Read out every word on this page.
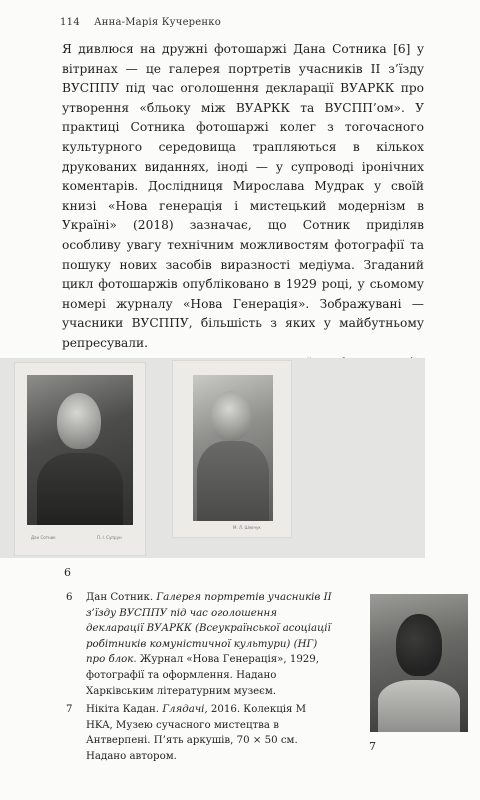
114 Анна-Марія Кучеренко

Я дивлюся на дружні фотошаржі Дана Сотника [6] у вітринах — це галерея портретів учасників ІІ з’їзду ВУСППУ під час оголошення декларації ВУАРКК про утворення «бльоку між ВУАРКК та ВУСПП’ом». У практиці Сотника фотошаржі колег з тогочасного культурного середовища трапляються в кількох друкованих виданнях, іноді — у супроводі іронічних коментарів. Дослідниця Мирослава Мудрак у своїй книзі «Нова генерація і мистецький модернізм в Україні» (2018) зазначає, що Сотник приділяв особливу увагу технічним можливостям фотографії та пошуку нових засобів виразності медіума. Згаданий цикл фотошаржів опубліковано в 1929 році, у сьомому номері журналу «Нова Генерація». Зображувані — учасники ВУСППУ, більшість з яких у майбутньому репресували.

Дан Сотник	П. І. Супрун
М. Л. Шевчук
6
6	Дан Сотник. Галерея портретів учасників ІІ з’їзду ВУСППУ під час оголошення декларації ВУАРКК (Всеукраїнської асоціації робітників комуністичної культури) (НГ) про блок. Журнал «Нова Генерація», 1929, фотографії та оформлення. Надано Харківським літературним музеєм.
7	Нікіта Кадан. Глядачі, 2016. Колекція M HKA, Музею сучасного мистецтва в Антверпені. П’ять аркушів, 70 × 50 см. Надано автором.
7
